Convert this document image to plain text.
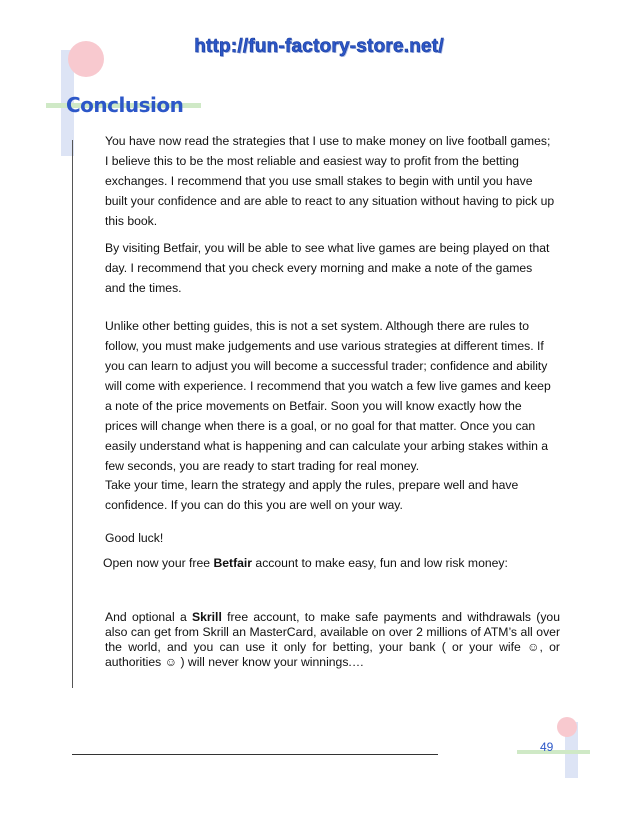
http://fun-factory-store.net/
Conclusion
You have now read the strategies that I use to make money on live football games; I believe this to be the most reliable and easiest way to profit from the betting exchanges. I recommend that you use small stakes to begin with until you have built your confidence and are able to react to any situation without having to pick up this book.
By visiting Betfair, you will be able to see what live games are being played on that day. I recommend that you check every morning and make a note of the games and the times.
Unlike other betting guides, this is not a set system. Although there are rules to follow, you must make judgements and use various strategies at different times. If you can learn to adjust you will become a successful trader; confidence and ability will come with experience. I recommend that you watch a few live games and keep a note of the price movements on Betfair. Soon you will know exactly how the prices will change when there is a goal, or no goal for that matter. Once you can easily understand what is happening and can calculate your arbing stakes within a few seconds, you are ready to start trading for real money.
Take your time, learn the strategy and apply the rules, prepare well and have confidence. If you can do this you are well on your way.
Good luck!
Open now your free Betfair account to make easy, fun and low risk money:
And optional a Skrill free account, to make safe payments and withdrawals (you also can get from Skrill an MasterCard, available on over 2 millions of ATM’s all over the world, and you can use it only for betting, your bank ( or your wife ☺, or authorities ☺ ) will never know your winnings.…
49
